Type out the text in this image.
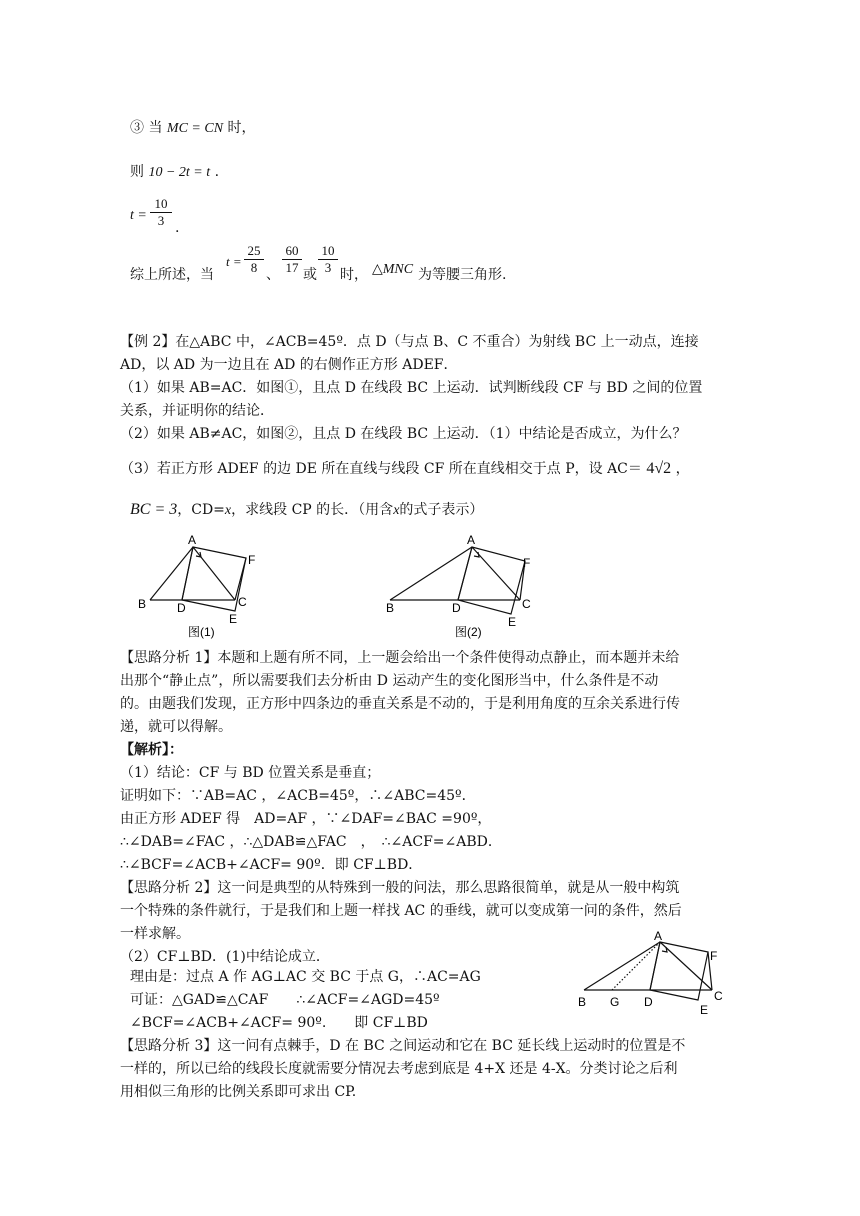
③ 当 MC = CN 时，
则 10 − 2t = t .
$t = \frac{10}{3}$ .
综上所述，当
$t = \frac{25}{8}$ 、 $\frac{60}{17}$ 或 $\frac{10}{3}$ 时， △MNC 为等腰三角形.
【例 2】在△ABC 中，∠ACB=45º．点 D（与点 B、C 不重合）为射线 BC 上一动点，连接
AD，以 AD 为一边且在 AD 的右侧作正方形 ADEF．
（1）如果 AB=AC．如图①，且点 D 在线段 BC 上运动．试判断线段 CF 与 BD 之间的位置
关系，并证明你的结论．
（2）如果 AB≠AC，如图②，且点 D 在线段 BC 上运动．（1）中结论是否成立，为什么？
（3）若正方形 ADEF 的边 DE 所在直线与线段 CF 所在直线相交于点 P，设 AC＝ 4√2 ，
BC = 3，CD=x，求线段 CP 的长．（用含x的式子表示）
A
B	D	C
E
F
图(1)
A
B	D	C
E
F
图(2)
【思路分析 1】本题和上题有所不同，上一题会给出一个条件使得动点静止，而本题并未给
出那个“静止点”，所以需要我们去分析由 D 运动产生的变化图形当中，什么条件是不动
的。由题我们发现，正方形中四条边的垂直关系是不动的，于是利用角度的互余关系进行传
递，就可以得解。
【解析】：
（1）结论：CF 与 BD 位置关系是垂直；
证明如下：∵AB=AC ，∠ACB=45º，∴∠ABC=45º．
由正方形 ADEF 得　AD=AF ，∵∠DAF=∠BAC =90º，
∴∠DAB=∠FAC ，∴△DAB≌△FAC　，　∴∠ACF=∠ABD．
∴∠BCF=∠ACB+∠ACF= 90º．即 CF⊥BD．
【思路分析 2】这一问是典型的从特殊到一般的问法，那么思路很简单，就是从一般中构筑
一个特殊的条件就行，于是我们和上题一样找 AC 的垂线，就可以变成第一问的条件，然后
一样求解。
（2）CF⊥BD．(1)中结论成立．
理由是：过点 A 作 AG⊥AC 交 BC 于点 G，∴AC=AG
可证：△GAD≌△CAF　　∴∠ACF=∠AGD=45º
∠BCF=∠ACB+∠ACF= 90º.　　即 CF⊥BD
A
B G D	C
E
F
【思路分析 3】这一问有点棘手，D 在 BC 之间运动和它在 BC 延长线上运动时的位置是不
一样的，所以已给的线段长度就需要分情况去考虑到底是 4+X 还是 4-X。分类讨论之后利
用相似三角形的比例关系即可求出 CP.
